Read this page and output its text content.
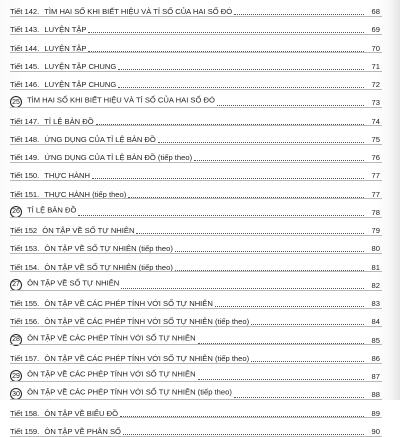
Tiết 142. TÌM HAI SỐ KHI BIẾT HIỆU VÀ TỈ SỐ CỦA HAI SỐ ĐÓ	68
Tiết 143. LUYỆN TẬP	69
Tiết 144. LUYỆN TẬP	70
Tiết 145. LUYỆN TẬP CHUNG	71
Tiết 146. LUYỆN TẬP CHUNG	72
25 TÌM HAI SỐ KHI BIẾT HIỆU VÀ TỈ SỐ CỦA HAI SỐ ĐÓ	73
Tiết 147. TỈ LỆ BẢN ĐỒ	74
Tiết 148. ỨNG DỤNG CỦA TỈ LỆ BẢN ĐỒ	75
Tiết 149. ỨNG DỤNG CỦA TỈ LỆ BẢN ĐỒ (tiếp theo)	76
Tiết 150. THỰC HÀNH	77
Tiết 151. THỰC HÀNH (tiếp theo)	77
26 TỈ LỆ BẢN ĐỒ	78
Tiết 152 ÔN TẬP VỀ SỐ TỰ NHIÊN	79
Tiết 153. ÔN TẬP VỀ SỐ TỰ NHIÊN (tiếp theo)	80
Tiết 154. ÔN TẬP VỀ SỐ TỰ NHIÊN (tiếp theo)	81
27 ÔN TẬP VỀ SỐ TỰ NHIÊN	82
Tiết 155. ÔN TẬP VỀ CÁC PHÉP TÍNH VỚI SỐ TỰ NHIÊN	83
Tiết 156. ÔN TẬP VỀ CÁC PHÉP TÍNH VỚI SỐ TỰ NHIÊN (tiếp theo)	84
28 ÔN TẬP VỀ CÁC PHÉP TÍNH VỚI SỐ TỰ NHIÊN	85
Tiết 157. ÔN TẬP VỀ CÁC PHÉP TÍNH VỚI SỐ TỰ NHIÊN (tiếp theo)	86
29 ÔN TẬP VỀ CÁC PHÉP TÍNH VỚI SỐ TỰ NHIÊN	87
30 ÔN TẬP VỀ CÁC PHÉP TÍNH VỚI SỐ TỰ NHIÊN (tiếp theo)	88
Tiết 158. ÔN TẬP VỀ BIỂU ĐỒ	89
Tiết 159. ÔN TẬP VỀ PHÂN SỐ	90
